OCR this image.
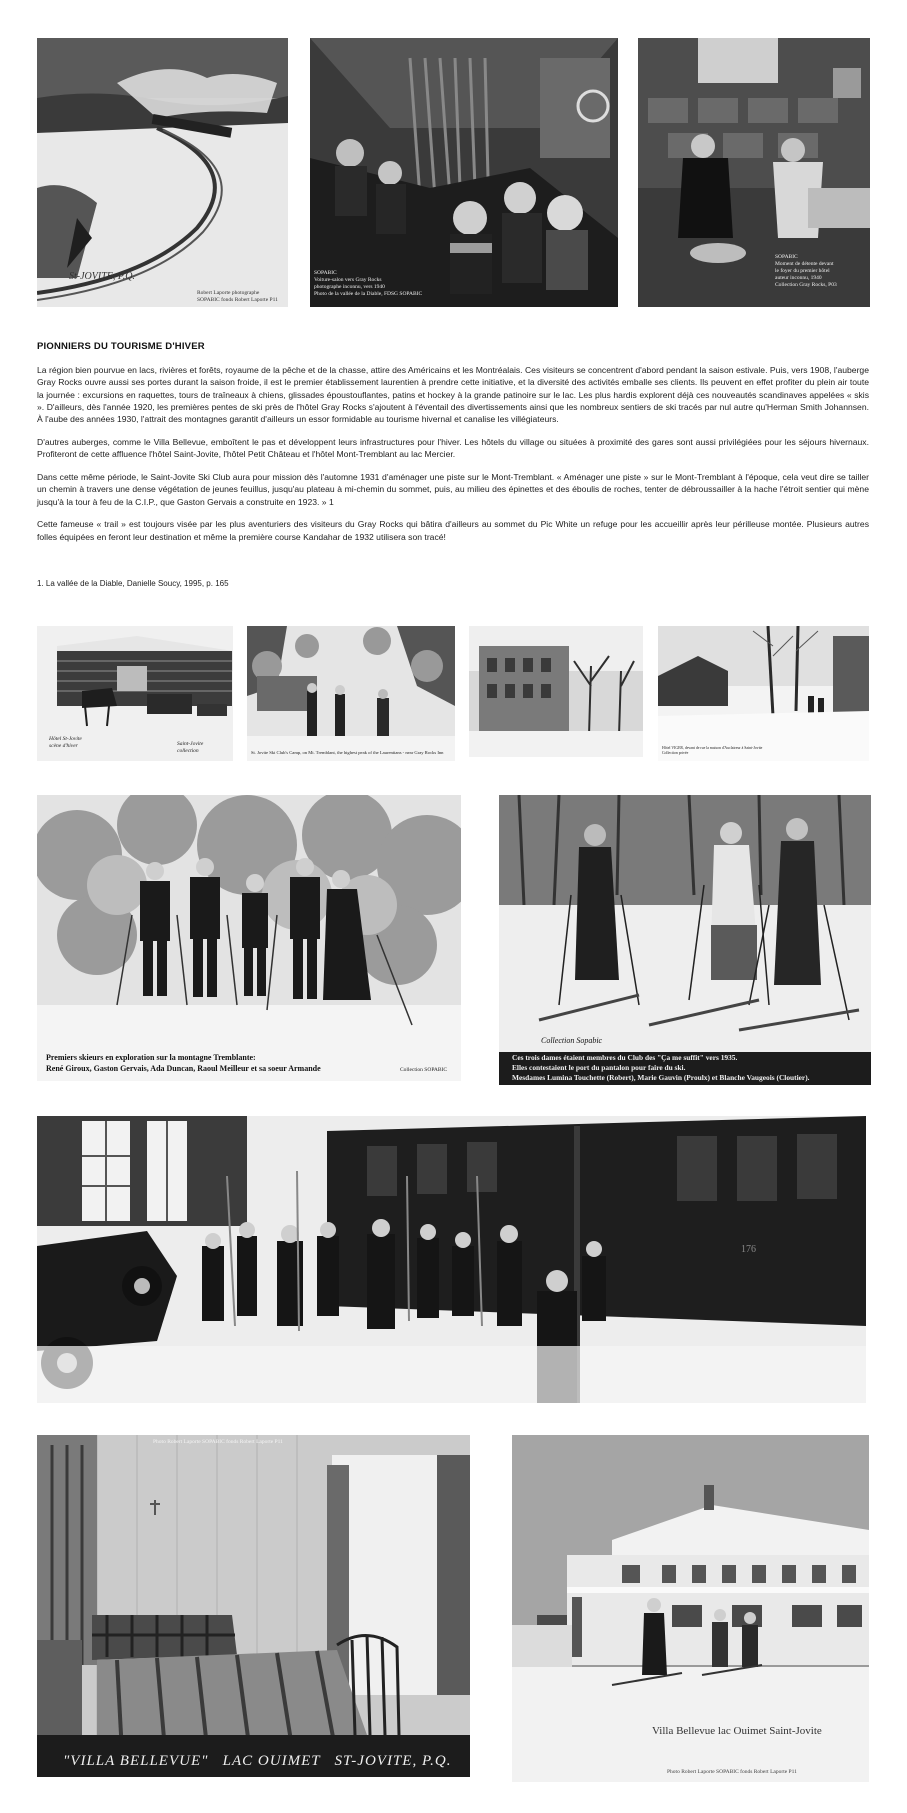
St-JOVITE, P.Q.
Robert Laporte photographe
SOPABIC fonds Robert Laporte P11
SOPABIC
Voiture-salon vers Gray Rocks
photographe inconnu, vers 1940
Photo de la vallée de la Diable, FDSG SOPABIC
SOPABIC
Moment de détente devant
le foyer du premier hôtel
auteur inconnu, 1940
Collection Gray Rocks, P03
PIONNIERS DU TOURISME D'HIVER

La région bien pourvue en lacs, rivières et forêts, royaume de la pêche et de la chasse, attire des Américains et les Montréalais. Ces visiteurs se concentrent d'abord pendant la saison estivale. Puis, vers 1908, l'auberge Gray Rocks ouvre aussi ses portes durant la saison froide, il est le premier établissement laurentien à prendre cette initiative, et la diversité des activités emballe ses clients. Ils peuvent en effet profiter du plein air toute la journée : excursions en raquettes, tours de traîneaux à chiens, glissades époustouflantes, patins et hockey à la grande patinoire sur le lac. Les plus hardis explorent déjà ces nouveautés scandinaves appelées « skis ». D'ailleurs, dès l'année 1920, les premières pentes de ski près de l'hôtel Gray Rocks s'ajoutent à l'éventail des divertissements ainsi que les nombreux sentiers de ski tracés par nul autre qu'Herman Smith Johannsen. À l'aube des années 1930, l'attrait des montagnes garantit d'ailleurs un essor formidable au tourisme hivernal et canalise les villégiateurs.

D'autres auberges, comme le Villa Bellevue, emboîtent le pas et développent leurs infrastructures pour l'hiver. Les hôtels du village ou situées à proximité des gares sont aussi privilégiées pour les séjours hivernaux. Profiteront de cette affluence l'hôtel Saint-Jovite, l'hôtel Petit Château et l'hôtel Mont-Tremblant au lac Mercier.

Dans cette même période, le Saint-Jovite Ski Club aura pour mission dès l'automne 1931 d'aménager une piste sur le Mont-Tremblant. « Aménager une piste » sur le Mont-Tremblant à l'époque, cela veut dire se tailler un chemin à travers une dense végétation de jeunes feuillus, jusqu'au plateau à mi-chemin du sommet, puis, au milieu des épinettes et des éboulis de roches, tenter de débroussailler à la hache l'étroit sentier qui mène jusqu'à la tour à feu de la C.I.P., que Gaston Gervais a construite en 1923. » 1

Cette fameuse « trail » est toujours visée par les plus aventuriers des visiteurs du Gray Rocks qui bâtira d'ailleurs au sommet du Pic White un refuge pour les accueillir après leur périlleuse montée. Plusieurs autres folles équipées en feront leur destination et même la première course Kandahar de 1932 utilisera son tracé!

1. La vallée de la Diable, Danielle Soucy, 1995, p. 165
Hôtel St-Jovite
scène d'hiver	Saint-Jovite
collection	St. Jovite Ski Club's Camp, on Mt. Tremblant, the highest peak of the Laurentians - near Gray Rocks Inn
Hôtel VIGER, devant de rue la maison d'Auclaireur à Saint-Jovite
Collection privée
Premiers skieurs en exploration sur la montagne Tremblante:
René Giroux, Gaston Gervais, Ada Duncan, Raoul Meilleur et sa soeur Armande	Collection SOPABIC
Collection Sopabic
Ces trois dames étaient membres du Club des "Ça me suffit" vers 1935.
Elles contestaient le port du pantalon pour faire du ski.
Mesdames Lumina Touchette (Robert), Marie Gauvin (Proulx) et Blanche Vaugeois (Cloutier).
176
Photo Robert Laporte SOPABIC fonds Robert Laporte P11
"VILLA BELLEVUE"   LAC OUIMET   ST-JOVITE, P.Q.
Villa Bellevue lac Ouimet Saint-Jovite
Photo Robert Laporte SOPABIC fonds Robert Laporte P11
